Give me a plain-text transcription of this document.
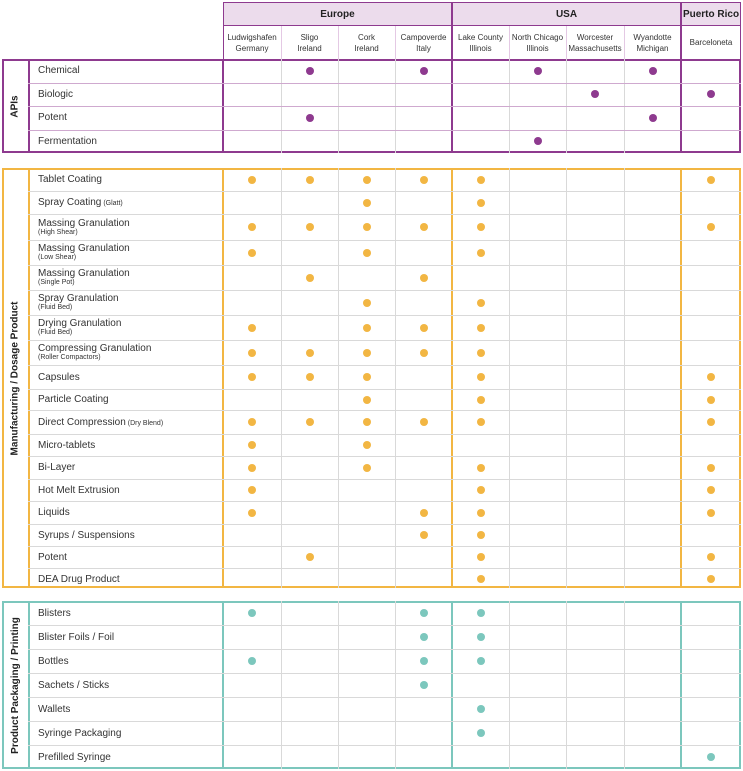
Europe	USA	Puerto Rico
Ludwigshafen
Germany
Sligo
Ireland
Cork
Ireland
Campoverde
Italy
Lake County
Illinois
North Chicago
Illinois
Worcester
Massachusetts
Wyandotte
Michigan
Barceloneta
APIs
Chemical
Biologic
Potent
Fermentation
Manufacturing / Dosage Product
Tablet Coating
Spray Coating (Glatt)
Massing Granulation
(High Shear)
Massing Granulation
(Low Shear)
Massing Granulation
(Single Pot)
Spray Granulation
(Fluid Bed)
Drying Granulation
(Fluid Bed)
Compressing Granulation
(Roller Compactors)
Capsules
Particle Coating
Direct Compression (Dry Blend)
Micro-tablets
Bi-Layer
Hot Melt Extrusion
Liquids
Syrups / Suspensions
Potent
DEA Drug Product
Product Packaging / Printing
Blisters
Blister Foils / Foil
Bottles
Sachets / Sticks
Wallets
Syringe Packaging
Prefilled Syringe
